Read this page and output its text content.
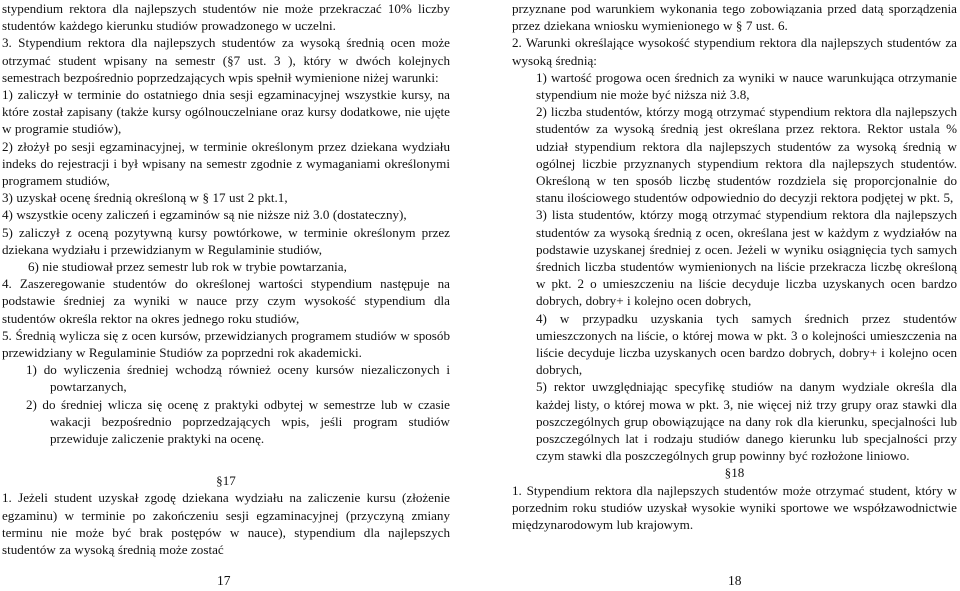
stypendium rektora dla najlepszych studentów nie może przekraczać 10% liczby studentów każdego kierunku studiów prowadzonego w uczelni.

3. Stypendium rektora dla najlepszych studentów za wysoką średnią ocen może otrzymać student wpisany na semestr (§7 ust. 3 ), który w dwóch kolejnych semestrach bezpośrednio poprzedzających wpis spełnił wymienione niżej warunki:

1) zaliczył w terminie do ostatniego dnia sesji egzaminacyjnej wszystkie kursy, na które został zapisany (także kursy ogólnouczelniane oraz kursy dodatkowe, nie ujęte w programie studiów),

2) złożył po sesji egzaminacyjnej, w terminie określonym przez dziekana wydziału indeks do rejestracji i był wpisany na semestr zgodnie z wymaganiami określonymi programem studiów,

3) uzyskał ocenę średnią określoną w § 17 ust 2 pkt.1,

4) wszystkie oceny zaliczeń i egzaminów są nie niższe niż 3.0 (dostateczny),

5) zaliczył z oceną pozytywną kursy powtórkowe, w terminie określonym przez dziekana wydziału i przewidzianym w Regulaminie studiów,

6) nie studiował przez semestr lub rok w trybie powtarzania,

4. Zaszeregowanie studentów do określonej wartości stypendium następuje na podstawie średniej za wyniki w nauce przy czym wysokość stypendium dla studentów określa rektor na okres jednego roku studiów,

5. Średnią wylicza się z ocen kursów, przewidzianych programem studiów w sposób przewidziany w Regulaminie Studiów za poprzedni rok akademicki.

1) do wyliczenia średniej wchodzą również oceny kursów niezaliczonych i powtarzanych,

2) do średniej wlicza się ocenę z praktyki odbytej w semestrze lub w czasie wakacji bezpośrednio poprzedzających wpis, jeśli program studiów przewiduje zaliczenie praktyki na ocenę.

§17

1. Jeżeli student uzyskał zgodę dziekana wydziału na zaliczenie kursu (złożenie egzaminu) w terminie po zakończeniu sesji egzaminacyjnej (przyczyną zmiany terminu nie może być brak postępów w nauce), stypendium dla najlepszych studentów za wysoką średnią może zostać

przyznane pod warunkiem wykonania tego zobowiązania przed datą sporządzenia przez dziekana wniosku wymienionego w § 7 ust. 6.

2. Warunki określające wysokość stypendium rektora dla najlepszych studentów za wysoką średnią:

1) wartość progowa ocen średnich za wyniki w nauce warunkująca otrzymanie stypendium nie może być niższa niż 3.8,

2) liczba studentów, którzy mogą otrzymać stypendium rektora dla najlepszych studentów za wysoką średnią jest określana przez rektora. Rektor ustala % udział stypendium rektora dla najlepszych studentów za wysoką średnią w ogólnej liczbie przyznanych stypendium rektora dla najlepszych studentów. Określoną w ten sposób liczbę studentów rozdziela się proporcjonalnie do stanu ilościowego studentów odpowiednio do decyzji rektora podjętej w pkt. 5,

3) lista studentów, którzy mogą otrzymać stypendium rektora dla najlepszych studentów za wysoką średnią z ocen, określana jest w każdym z wydziałów na podstawie uzyskanej średniej z ocen. Jeżeli w wyniku osiągnięcia tych samych średnich liczba studentów wymienionych na liście przekracza liczbę określoną w pkt. 2 o umieszczeniu na liście decyduje liczba uzyskanych ocen bardzo dobrych, dobry+ i kolejno ocen dobrych,

4) w przypadku uzyskania tych samych średnich przez studentów umieszczonych na liście, o której mowa w pkt. 3 o kolejności umieszczenia na liście decyduje liczba uzyskanych ocen bardzo dobrych, dobry+ i kolejno ocen dobrych,

5) rektor uwzględniając specyfikę studiów na danym wydziale określa dla każdej listy, o której mowa w pkt. 3, nie więcej niż trzy grupy oraz stawki dla poszczególnych grup obowiązujące na dany rok dla kierunku, specjalności lub poszczególnych lat i rodzaju studiów danego kierunku lub specjalności przy czym stawki dla poszczególnych grup powinny być rozłożone liniowo.

§18

1. Stypendium rektora dla najlepszych studentów może otrzymać student, który w porzednim roku studiów uzyskał wysokie wyniki sportowe we współzawodnictwie międzynarodowym lub krajowym.

17	18
